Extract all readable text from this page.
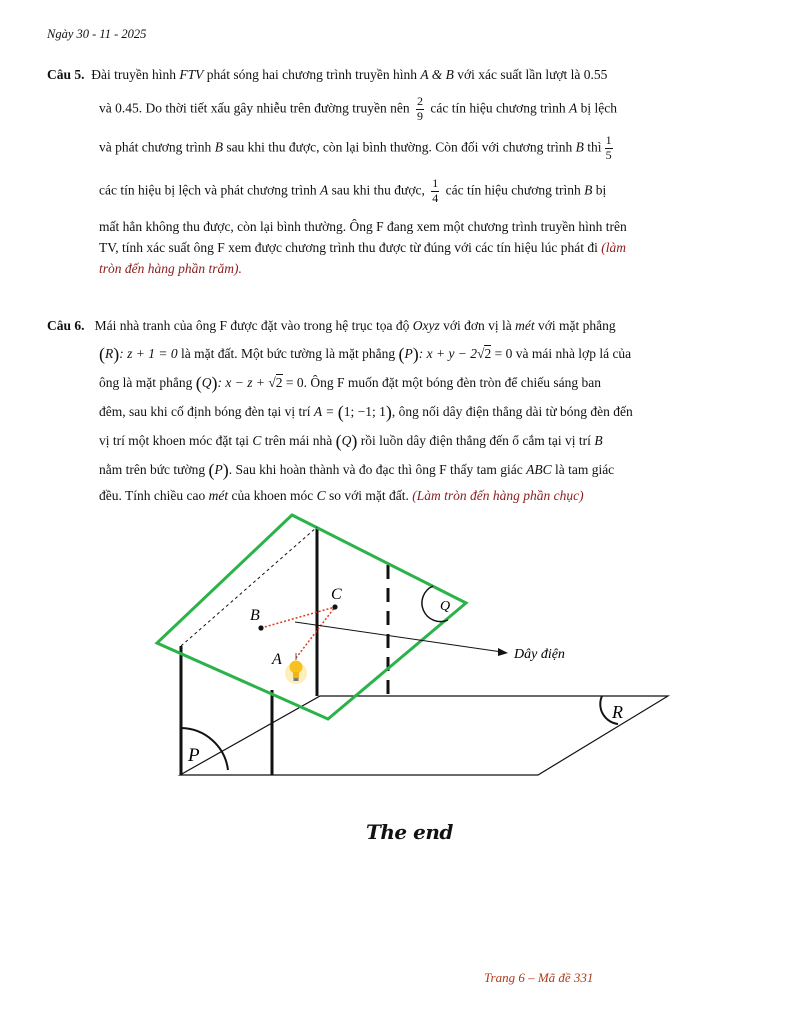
Ngày 30 - 11 - 2025
Câu 5. Đài truyền hình FTV phát sóng hai chương trình truyền hình A & B với xác suất lần lượt là 0.55
và 0.45. Do thời tiết xấu gây nhiễu trên đường truyền nên $\frac{2}{9}$ các tín hiệu chương trình A bị lệch
và phát chương trình B sau khi thu được, còn lại bình thường. Còn đối với chương trình B thì $\frac{1}{5}$
các tín hiệu bị lệch và phát chương trình A sau khi thu được, $\frac{1}{4}$ các tín hiệu chương trình B bị
mất hẳn không thu được, còn lại bình thường. Ông F đang xem một chương trình truyền hình trên
TV, tính xác suất ông F xem được chương trình thu được từ đúng với các tín hiệu lúc phát đi (làm
tròn đến hàng phần trăm).
Câu 6. Mái nhà tranh của ông F được đặt vào trong hệ trục tọa độ Oxyz với đơn vị là mét với mặt phẳng
(R): z + 1 = 0 là mặt đất. Một bức tường là mặt phẳng (P): x + y − 2√2 = 0 và mái nhà lợp lá của
ông là mặt phẳng (Q): x − z + √2 = 0. Ông F muốn đặt một bóng đèn tròn để chiếu sáng ban
đêm, sau khi cố định bóng đèn tại vị trí A = (1; −1; 1), ông nối dây điện thẳng dài từ bóng đèn đến
vị trí một khoen móc đặt tại C trên mái nhà (Q) rồi luồn dây điện thẳng đến ổ cắm tại vị trí B
nằm trên bức tường (P). Sau khi hoàn thành và đo đạc thì ông F thấy tam giác ABC là tam giác
đều. Tính chiều cao mét của khoen móc C so với mặt đất. (Làm tròn đến hàng phần chục)
R
P
Q
Dây điện
B
C
A
The end
Trang 6 – Mã đề 331
